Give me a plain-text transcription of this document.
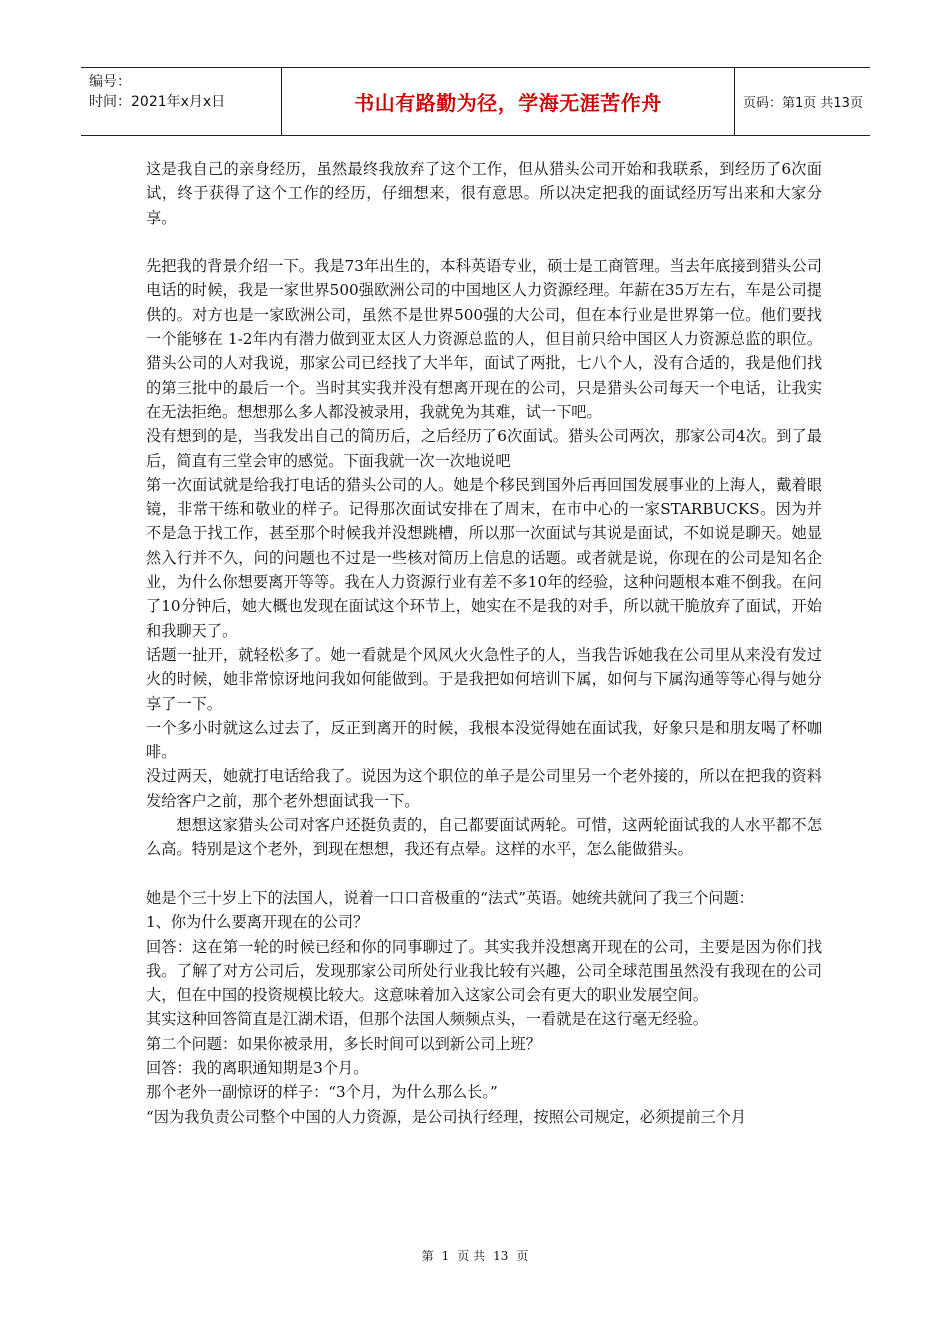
编号：
时间：2021年x月x日	书山有路勤为径，学海无涯苦作舟	页码：第1页 共13页

这是我自己的亲身经历，虽然最终我放弃了这个工作，但从猎头公司开始和我联系，到经历了6次面试，终于获得了这个工作的经历，仔细想来，很有意思。所以决定把我的面试经历写出来和大家分享。

先把我的背景介绍一下。我是73年出生的，本科英语专业，硕士是工商管理。当去年底接到猎头公司电话的时候，我是一家世界500强欧洲公司的中国地区人力资源经理。年薪在35万左右，车是公司提供的。对方也是一家欧洲公司，虽然不是世界500强的大公司，但在本行业是世界第一位。他们要找一个能够在 1-2年内有潜力做到亚太区人力资源总监的人，但目前只给中国区人力资源总监的职位。猎头公司的人对我说，那家公司已经找了大半年，面试了两批，七八个人，没有合适的，我是他们找的第三批中的最后一个。当时其实我并没有想离开现在的公司，只是猎头公司每天一个电话，让我实在无法拒绝。想想那么多人都没被录用，我就免为其难，试一下吧。

没有想到的是，当我发出自己的简历后，之后经历了6次面试。猎头公司两次，那家公司4次。到了最后，简直有三堂会审的感觉。下面我就一次一次地说吧

第一次面试就是给我打电话的猎头公司的人。她是个移民到国外后再回国发展事业的上海人，戴着眼镜，非常干练和敬业的样子。记得那次面试安排在了周末，在市中心的一家STARBUCKS。因为并不是急于找工作，甚至那个时候我并没想跳槽，所以那一次面试与其说是面试，不如说是聊天。她显然入行并不久，问的问题也不过是一些核对简历上信息的话题。或者就是说，你现在的公司是知名企业，为什么你想要离开等等。我在人力资源行业有差不多10年的经验，这种问题根本难不倒我。在问了10分钟后，她大概也发现在面试这个环节上，她实在不是我的对手，所以就干脆放弃了面试，开始和我聊天了。

话题一扯开，就轻松多了。她一看就是个风风火火急性子的人，当我告诉她我在公司里从来没有发过火的时候，她非常惊讶地问我如何能做到。于是我把如何培训下属，如何与下属沟通等等心得与她分享了一下。

一个多小时就这么过去了，反正到离开的时候，我根本没觉得她在面试我，好象只是和朋友喝了杯咖啡。

没过两天，她就打电话给我了。说因为这个职位的单子是公司里另一个老外接的，所以在把我的资料发给客户之前，那个老外想面试我一下。

想想这家猎头公司对客户还挺负责的，自己都要面试两轮。可惜，这两轮面试我的人水平都不怎么高。特别是这个老外，到现在想想，我还有点晕。这样的水平，怎么能做猎头。

她是个三十岁上下的法国人，说着一口口音极重的“法式”英语。她统共就问了我三个问题：

1、你为什么要离开现在的公司？

回答：这在第一轮的时候已经和你的同事聊过了。其实我并没想离开现在的公司，主要是因为你们找我。了解了对方公司后，发现那家公司所处行业我比较有兴趣，公司全球范围虽然没有我现在的公司大，但在中国的投资规模比较大。这意味着加入这家公司会有更大的职业发展空间。

其实这种回答简直是江湖术语，但那个法国人频频点头，一看就是在这行毫无经验。

第二个问题：如果你被录用，多长时间可以到新公司上班？

回答：我的离职通知期是3个月。

那个老外一副惊讶的样子：“3个月，为什么那么长。”

“因为我负责公司整个中国的人力资源，是公司执行经理，按照公司规定，必须提前三个月

第 1 页 共 13 页
